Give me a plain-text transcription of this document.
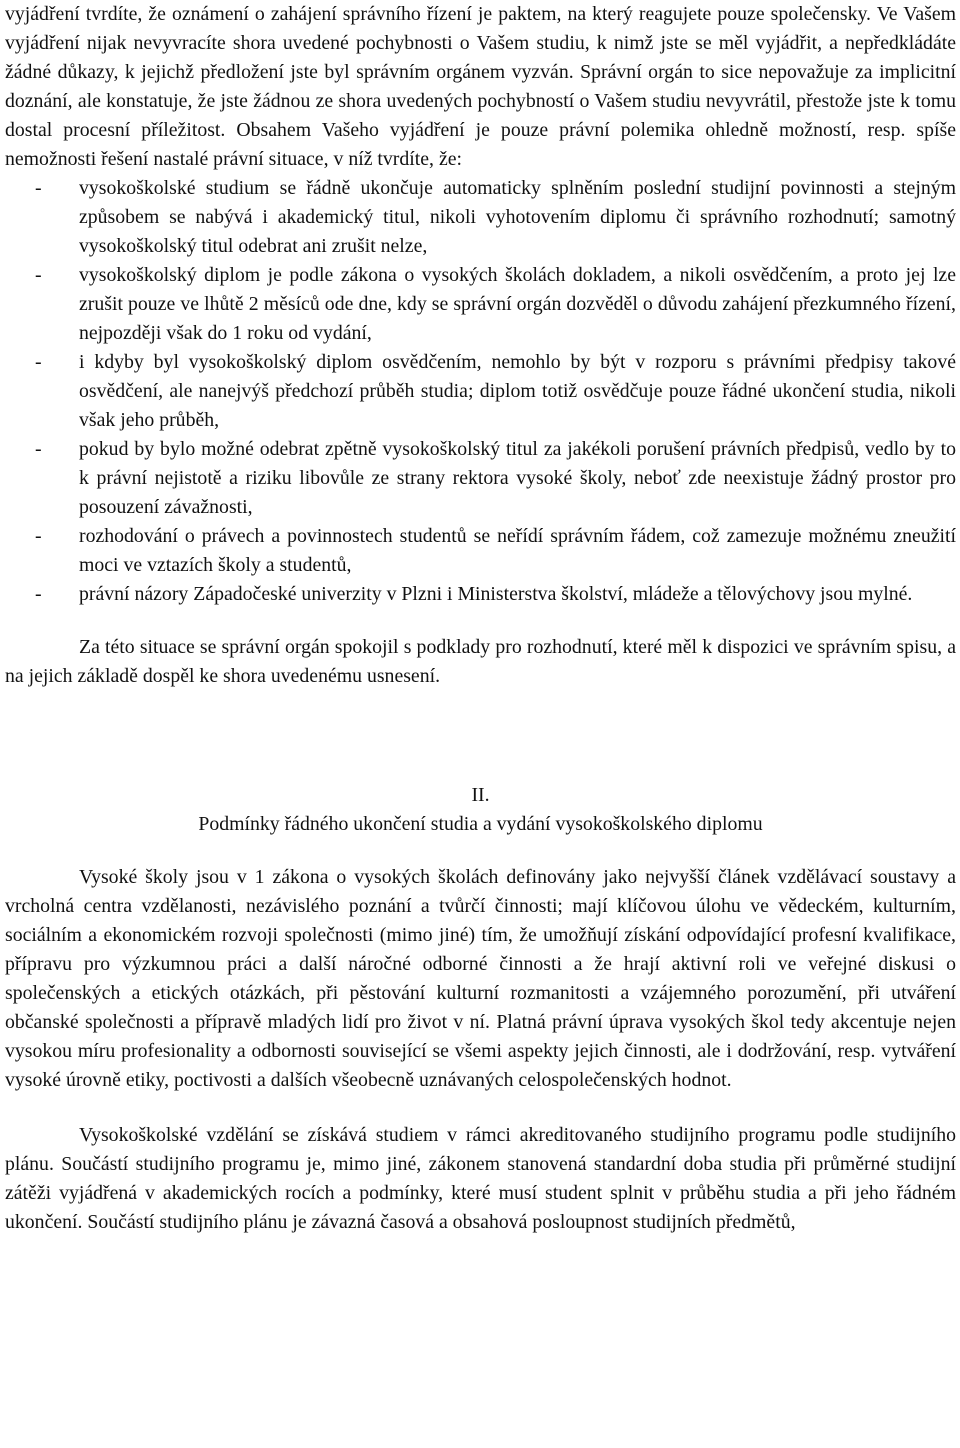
vyjádření tvrdíte, že oznámení o zahájení správního řízení je paktem, na který reagujete pouze společensky. Ve Vašem vyjádření nijak nevyvracíte shora uvedené pochybnosti o Vašem studiu, k nimž jste se měl vyjádřit, a nepředkládáte žádné důkazy, k jejichž předložení jste byl správním orgánem vyzván. Správní orgán to sice nepovažuje za implicitní doznání, ale konstatuje, že jste žádnou ze shora uvedených pochybností o Vašem studiu nevyvrátil, přestože jste k tomu dostal procesní příležitost. Obsahem Vašeho vyjádření je pouze právní polemika ohledně možností, resp. spíše nemožnosti řešení nastalé právní situace, v níž tvrdíte, že:

- vysokoškolské studium se řádně ukončuje automaticky splněním poslední studijní povinnosti a stejným způsobem se nabývá i akademický titul, nikoli vyhotovením diplomu či správního rozhodnutí; samotný vysokoškolský titul odebrat ani zrušit nelze,
- vysokoškolský diplom je podle zákona o vysokých školách dokladem, a nikoli osvědčením, a proto jej lze zrušit pouze ve lhůtě 2 měsíců ode dne, kdy se správní orgán dozvěděl o důvodu zahájení přezkumného řízení, nejpozději však do 1 roku od vydání,
- i kdyby byl vysokoškolský diplom osvědčením, nemohlo by být v rozporu s právními předpisy takové osvědčení, ale nanejvýš předchozí průběh studia; diplom totiž osvědčuje pouze řádné ukončení studia, nikoli však jeho průběh,
- pokud by bylo možné odebrat zpětně vysokoškolský titul za jakékoli porušení právních předpisů, vedlo by to k právní nejistotě a riziku libovůle ze strany rektora vysoké školy, neboť zde neexistuje žádný prostor pro posouzení závažnosti,
- rozhodování o právech a povinnostech studentů se neřídí správním řádem, což zamezuje možnému zneužití moci ve vztazích školy a studentů,
- právní názory Západočeské univerzity v Plzni i Ministerstva školství, mládeže a tělovýchovy jsou mylné.

Za této situace se správní orgán spokojil s podklady pro rozhodnutí, které měl k dispozici ve správním spisu, a na jejich základě dospěl ke shora uvedenému usnesení.

II.
Podmínky řádného ukončení studia a vydání vysokoškolského diplomu

Vysoké školy jsou v 1 zákona o vysokých školách definovány jako nejvyšší článek vzdělávací soustavy a vrcholná centra vzdělanosti, nezávislého poznání a tvůrčí činnosti; mají klíčovou úlohu ve vědeckém, kulturním, sociálním a ekonomickém rozvoji společnosti (mimo jiné) tím, že umožňují získání odpovídající profesní kvalifikace, přípravu pro výzkumnou práci a další náročné odborné činnosti a že hrají aktivní roli ve veřejné diskusi o společenských a etických otázkách, při pěstování kulturní rozmanitosti a vzájemného porozumění, při utváření občanské společnosti a přípravě mladých lidí pro život v ní. Platná právní úprava vysokých škol tedy akcentuje nejen vysokou míru profesionality a odbornosti související se všemi aspekty jejich činnosti, ale i dodržování, resp. vytváření vysoké úrovně etiky, poctivosti a dalších všeobecně uznávaných celospolečenských hodnot.

Vysokoškolské vzdělání se získává studiem v rámci akreditovaného studijního programu podle studijního plánu. Součástí studijního programu je, mimo jiné, zákonem stanovená standardní doba studia při průměrné studijní zátěži vyjádřená v akademických rocích a podmínky, které musí student splnit v průběhu studia a při jeho řádném ukončení. Součástí studijního plánu je závazná časová a obsahová posloupnost studijních předmětů,
